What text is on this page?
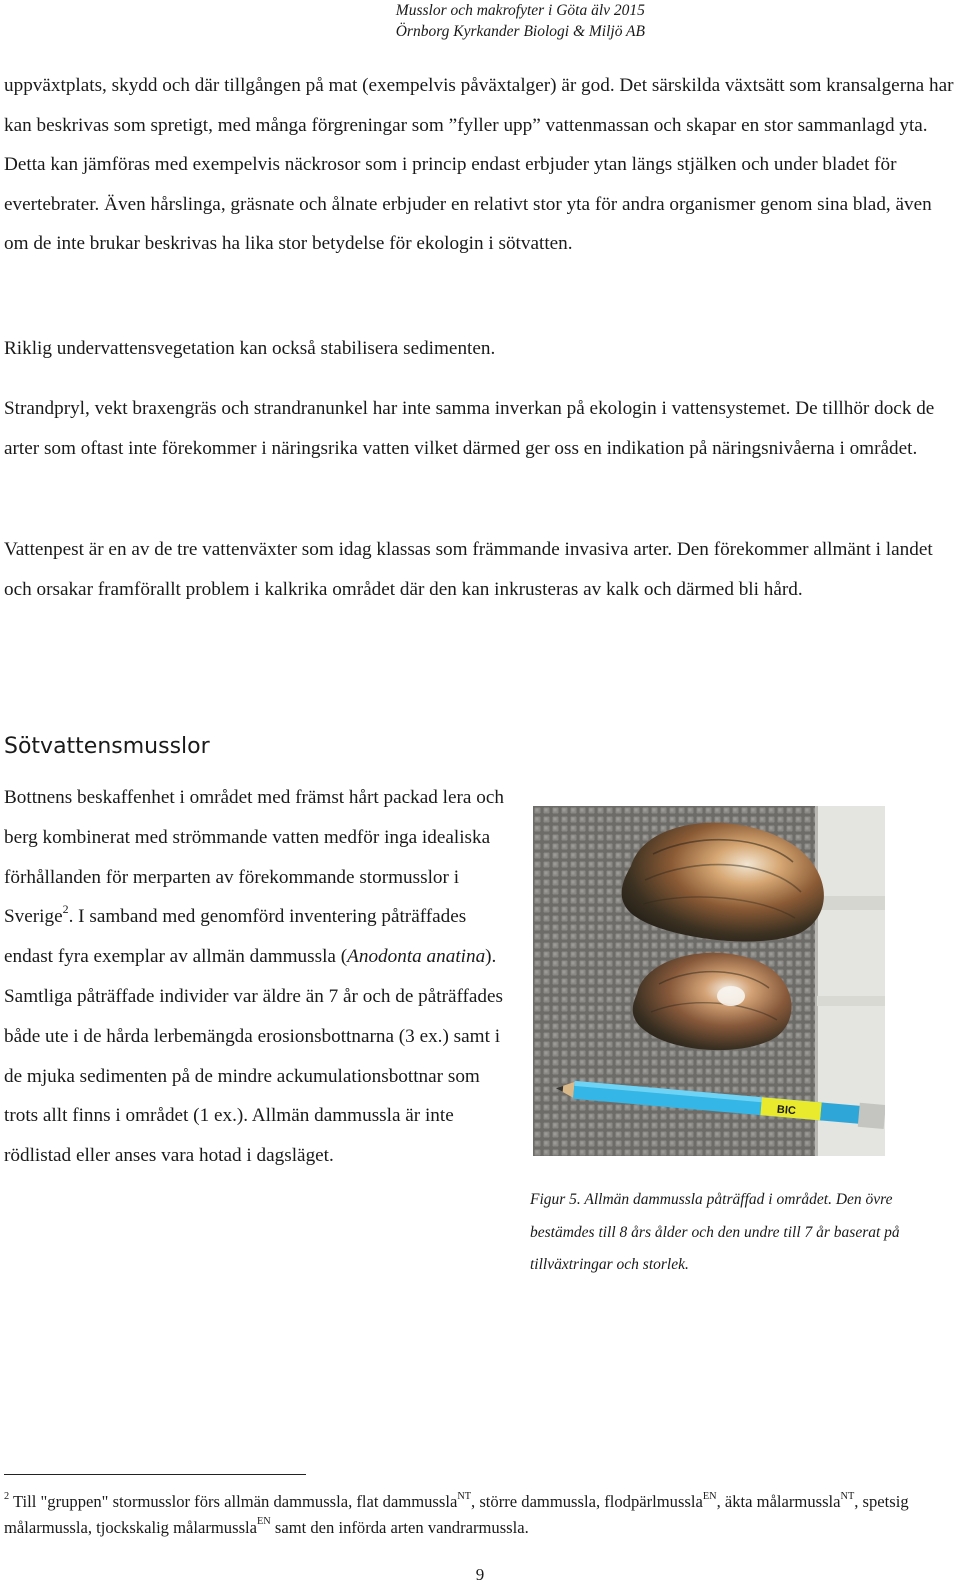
Musslor och makrofyter i Göta älv 2015
Örnborg Kyrkander Biologi & Miljö AB

uppväxtplats, skydd och där tillgången på mat (exempelvis påväxtalger) är god. Det särskilda växtsätt som kransalgerna har kan beskrivas som spretigt, med många förgreningar som ”fyller upp” vattenmassan och skapar en stor sammanlagd yta. Detta kan jämföras med exempelvis näckrosor som i princip endast erbjuder ytan längs stjälken och under bladet för evertebrater. Även hårslinga, gräsnate och ålnate erbjuder en relativt stor yta för andra organismer genom sina blad, även om de inte brukar beskrivas ha lika stor betydelse för ekologin i sötvatten.

Riklig undervattensvegetation kan också stabilisera sedimenten.

Strandpryl, vekt braxengräs och strandranunkel har inte samma inverkan på ekologin i vattensystemet. De tillhör dock de arter som oftast inte förekommer i näringsrika vatten vilket därmed ger oss en indikation på näringsnivåerna i området.

Vattenpest är en av de tre vattenväxter som idag klassas som främmande invasiva arter. Den förekommer allmänt i landet och orsakar framförallt problem i kalkrika området där den kan inkrusteras av kalk och därmed bli hård.

Sötvattensmusslor

Bottnens beskaffenhet i området med främst hårt packad lera och berg kombinerat med strömmande vatten medför inga idealiska förhållanden för merparten av förekommande stormusslor i Sverige$^2$. I samband med genomförd inventering påträffades endast fyra exemplar av allmän dammussla (Anodonta anatina). Samtliga påträffade individer var äldre än 7 år och de påträffades både ute i de hårda lerbemängda erosionsbottnarna (3 ex.) samt i de mjuka sedimenten på de mindre ackumulationsbottnar som trots allt finns i området (1 ex.). Allmän dammussla är inte rödlistad eller anses vara hotad i dagsläget.

BIC

Figur 5. Allmän dammussla påträffad i området. Den övre bestämdes till 8 års ålder och den undre till 7 år baserat på tillväxtringar och storlek.

$^2$ Till "gruppen" stormusslor förs allmän dammussla, flat dammussla$^{NT}$, större dammussla, flodpärlmussla$^{EN}$, äkta målarmussla$^{NT}$, spetsig målarmussla, tjockskalig målarmussla$^{EN}$ samt den införda arten vandrarmussla.

9
